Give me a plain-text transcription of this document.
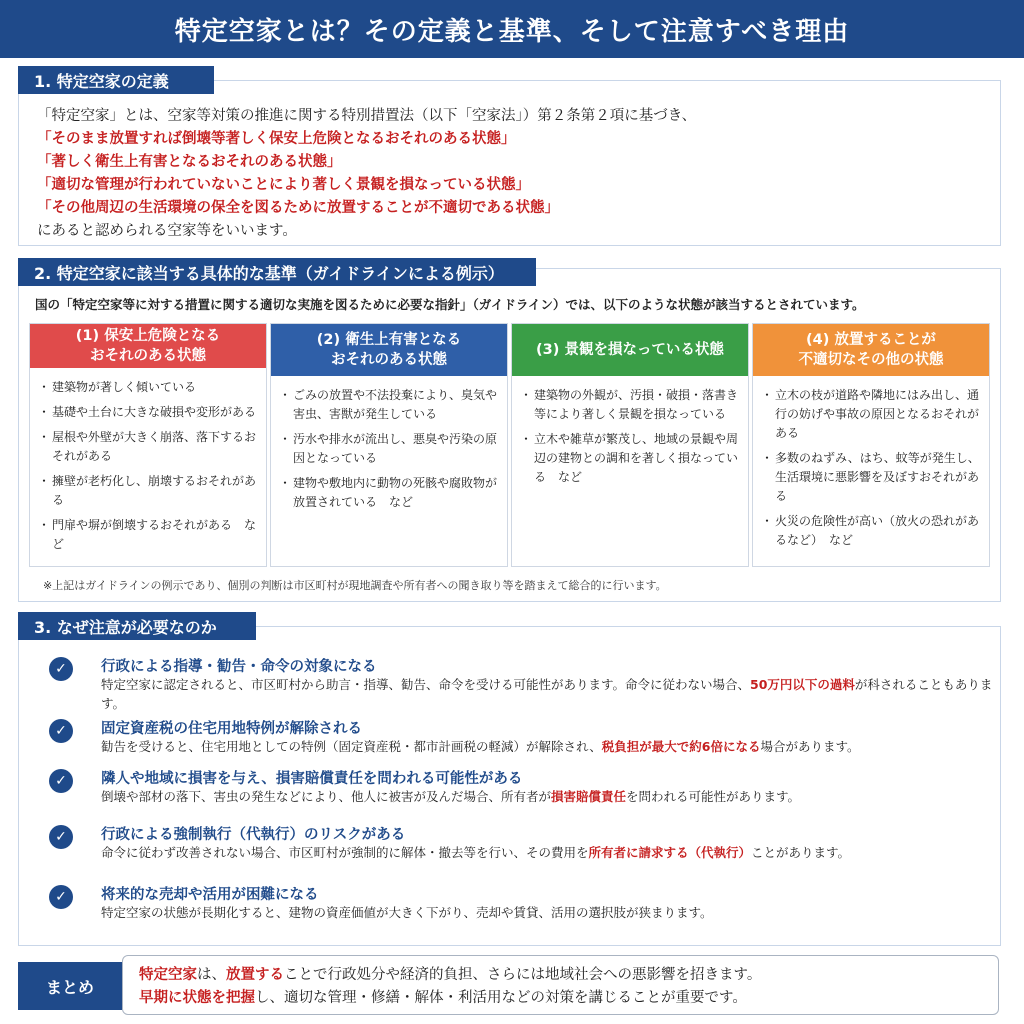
特定空家とは？その定義と基準、そして注意すべき理由
「特定空家」とは、空家等対策の推進に関する特別措置法（以下「空家法」）第２条第２項に基づき、
「そのまま放置すれば倒壊等著しく保安上危険となるおそれのある状態」
「著しく衛生上有害となるおそれのある状態」
「適切な管理が行われていないことにより著しく景観を損なっている状態」
「その他周辺の生活環境の保全を図るために放置することが不適切である状態」
にあると認められる空家等をいいます。
1. 特定空家の定義
国の「特定空家等に対する措置に関する適切な実施を図るために必要な指針」（ガイドライン）では、以下のような状態が該当するとされています。
(1) 保安上危険となる
おそれのある状態
・ 建築物が著しく傾いている
・ 基礎や土台に大きな破損や変形がある
・ 屋根や外壁が大きく崩落、落下するおそれがある
・ 擁壁が老朽化し、崩壊するおそれがある
・ 門扉や塀が倒壊するおそれがある　など
(2) 衛生上有害となる
おそれのある状態
・ ごみの放置や不法投棄により、臭気や害虫、害獣が発生している
・ 汚水や排水が流出し、悪臭や汚染の原因となっている
・ 建物や敷地内に動物の死骸や腐敗物が放置されている　など
(3) 景観を損なっている状態
・ 建築物の外観が、汚損・破損・落書き等により著しく景観を損なっている
・ 立木や雑草が繁茂し、地域の景観や周辺の建物との調和を著しく損なっている　など
(4) 放置することが
不適切なその他の状態
・ 立木の枝が道路や隣地にはみ出し、通行の妨げや事故の原因となるおそれがある
・ 多数のねずみ、はち、蚊等が発生し、生活環境に悪影響を及ぼすおそれがある
・ 火災の危険性が高い（放火の恐れがあるなど）　など
※上記はガイドラインの例示であり、個別の判断は市区町村が現地調査や所有者への聞き取り等を踏まえて総合的に行います。
2. 特定空家に該当する具体的な基準（ガイドラインによる例示）
✓	行政による指導・勧告・命令の対象になる
特定空家に認定されると、市区町村から助言・指導、勧告、命令を受ける可能性があります。命令に従わない場合、50万円以下の過料が科されることもあります。
✓	固定資産税の住宅用地特例が解除される
勧告を受けると、住宅用地としての特例（固定資産税・都市計画税の軽減）が解除され、税負担が最大で約6倍になる場合があります。
✓	隣人や地域に損害を与え、損害賠償責任を問われる可能性がある
倒壊や部材の落下、害虫の発生などにより、他人に被害が及んだ場合、所有者が損害賠償責任を問われる可能性があります。
✓	行政による強制執行（代執行）のリスクがある
命令に従わず改善されない場合、市区町村が強制的に解体・撤去等を行い、その費用を所有者に請求する（代執行）ことがあります。
✓	将来的な売却や活用が困難になる
特定空家の状態が長期化すると、建物の資産価値が大きく下がり、売却や賃貸、活用の選択肢が狭まります。
3. なぜ注意が必要なのか
まとめ
特定空家は、放置することで行政処分や経済的負担、さらには地域社会への悪影響を招きます。
早期に状態を把握し、適切な管理・修繕・解体・利活用などの対策を講じることが重要です。
